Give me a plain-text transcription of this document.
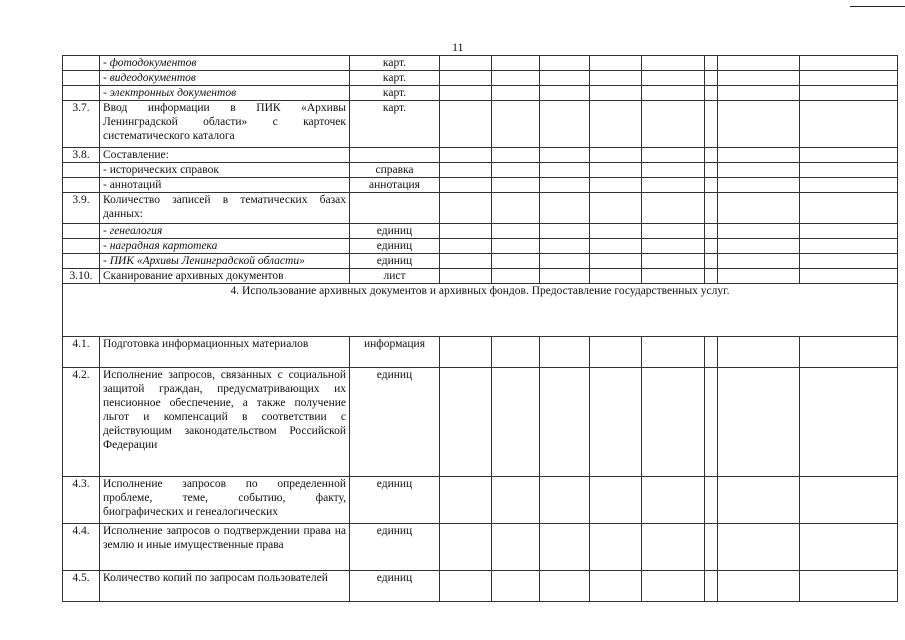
11
	- фотодокументов	карт.								
	- видеодокументов	карт.								
	- электронных документов	карт.								
3.7.	Ввод информации в ПИК «Архивы Ленинградской области» с карточек систематического каталога	карт.								
3.8.	Составление:									
	- исторических справок	справка								
	- аннотаций	аннотация								
3.9.	Количество записей в тематических базах данных:									
	- генеалогия	единиц								
	- наградная картотека	единиц								
	- ПИК «Архивы Ленинградской области»	единиц								
3.10.	Сканирование архивных документов	лист								
4. Использование архивных документов и архивных фондов. Предоставление государственных услуг.										
4.1.	Подготовка информационных материалов	информация								
4.2.	Исполнение запросов, связанных с социальной защитой граждан, предусматривающих их пенсионное обеспечение, а также получение льгот и компенсаций в соответствии с действующим законодательством Российской Федерации	единиц								
4.3.	Исполнение запросов по определенной проблеме, теме, событию, факту, биографических и генеалогических	единиц								
4.4.	Исполнение запросов о подтверждении права на землю и иные имущественные права	единиц								
4.5.	Количество копий по запросам пользователей	единиц								
